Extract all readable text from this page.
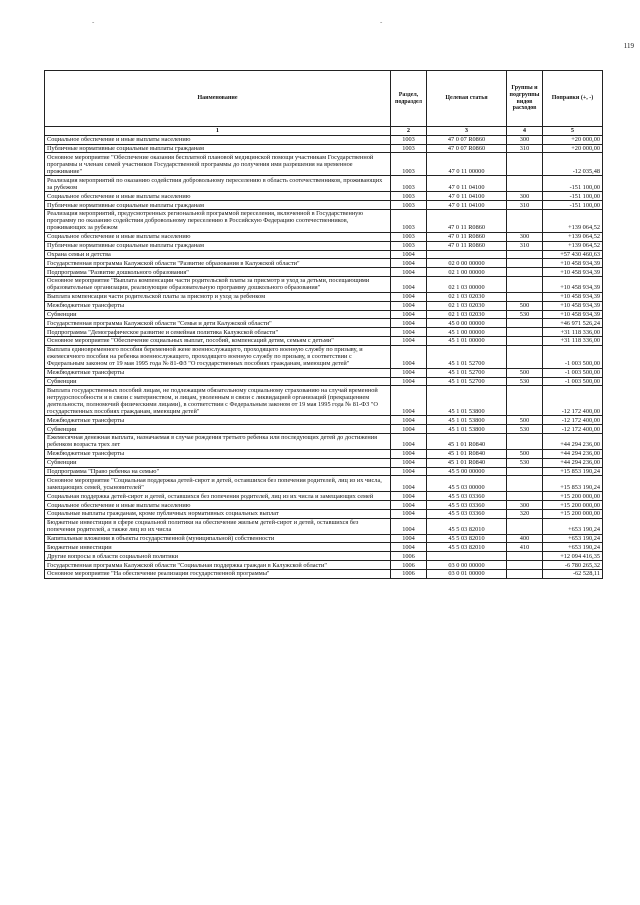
-	-
119
Наименование	Раздел, подраздел	Целевая статья	Группы и подгруппы видов расходов	Поправки (+, -)
1	2	3	4	5
Социальное обеспечение и иные выплаты населению	1003	47 0 07 R0860	300	+20 000,00
Публичные нормативные социальные выплаты гражданам	1003	47 0 07 R0860	310	+20 000,00
Основное мероприятие "Обеспечение оказания бесплатной плановой медицинской помощи участникам Государственной программы и членам семей участников Государственной программы до получения ими разрешения на временное проживание"	1003	47 0 11 00000		-12 035,48
Реализация мероприятий по оказанию содействия добровольному переселению в область соотечественников, проживающих за рубежом	1003	47 0 11 04100		-151 100,00
Социальное обеспечение и иные выплаты населению	1003	47 0 11 04100	300	-151 100,00
Публичные нормативные социальные выплаты гражданам	1003	47 0 11 04100	310	-151 100,00
Реализация мероприятий, предусмотренных региональной программой переселения, включенной в Государственную программу по оказанию содействия добровольному переселению в Российскую Федерацию соотечественников, проживающих за рубежом	1003	47 0 11 R0860		+139 064,52
Социальное обеспечение и иные выплаты населению	1003	47 0 11 R0860	300	+139 064,52
Публичные нормативные социальные выплаты гражданам	1003	47 0 11 R0860	310	+139 064,52
Охрана семьи и детства	1004			+57 430 460,63
Государственная программа Калужской области "Развитие образования в Калужской области"	1004	02 0 00 00000		+10 458 934,39
Подпрограмма "Развитие дошкольного образования"	1004	02 1 00 00000		+10 458 934,39
Основное мероприятие "Выплата компенсации части родительской платы за присмотр и уход за детьми, посещающими образовательные организации, реализующие образовательную программу дошкольного образования"	1004	02 1 03 00000		+10 458 934,39
Выплата компенсации части родительской платы за присмотр и уход за ребенком	1004	02 1 03 02030		+10 458 934,39
Межбюджетные трансферты	1004	02 1 03 02030	500	+10 458 934,39
Субвенции	1004	02 1 03 02030	530	+10 458 934,39
Государственная программа Калужской области "Семья и дети Калужской области"	1004	45 0 00 00000		+46 971 526,24
Подпрограмма "Демографическое развитие и семейная политика Калужской области"	1004	45 1 00 00000		+31 118 336,00
Основное мероприятие "Обеспечение социальных выплат, пособий, компенсаций детям, семьям с детьми"	1004	45 1 01 00000		+31 118 336,00
Выплата единовременного пособия беременной жене военнослужащего, проходящего военную службу по призыву, и ежемесячного пособия на ребенка военнослужащего, проходящего военную службу по призыву, в соответствии с Федеральным законом от 19 мая 1995 года № 81-ФЗ "О государственных пособиях гражданам, имеющим детей"	1004	45 1 01 52700		-1 003 500,00
Межбюджетные трансферты	1004	45 1 01 52700	500	-1 003 500,00
Субвенции	1004	45 1 01 52700	530	-1 003 500,00
Выплата государственных пособий лицам, не подлежащим обязательному социальному страхованию на случай временной нетрудоспособности и в связи с материнством, и лицам, уволенным в связи с ликвидацией организаций (прекращением деятельности, полномочий физическими лицами), в соответствии с Федеральным законом от 19 мая 1995 года № 81-ФЗ "О государственных пособиях гражданам, имеющим детей"	1004	45 1 01 53800		-12 172 400,00
Межбюджетные трансферты	1004	45 1 01 53800	500	-12 172 400,00
Субвенции	1004	45 1 01 53800	530	-12 172 400,00
Ежемесячная денежная выплата, назначаемая в случае рождения третьего ребенка или последующих детей до достижения ребенком возраста трех лет	1004	45 1 01 R0840		+44 294 236,00
Межбюджетные трансферты	1004	45 1 01 R0840	500	+44 294 236,00
Субвенции	1004	45 1 01 R0840	530	+44 294 236,00
Подпрограмма "Право ребенка на семью"	1004	45 5 00 00000		+15 853 190,24
Основное мероприятие "Социальная поддержка детей-сирот и детей, оставшихся без попечения родителей, лиц из их числа, замещающих семей, усыновителей"	1004	45 5 03 00000		+15 853 190,24
Социальная поддержка детей-сирот и детей, оставшихся без попечения родителей, лиц из их числа и замещающих семей	1004	45 5 03 03360		+15 200 000,00
Социальное обеспечение и иные выплаты населению	1004	45 5 03 03360	300	+15 200 000,00
Социальные выплаты гражданам, кроме публичных нормативных социальных выплат	1004	45 5 03 03360	320	+15 200 000,00
Бюджетные инвестиции в сфере социальной политики на обеспечение жильем детей-сирот и детей, оставшихся без попечения родителей, а также лиц из их числа	1004	45 5 03 82010		+653 190,24
Капитальные вложения в объекты государственной (муниципальной) собственности	1004	45 5 03 82010	400	+653 190,24
Бюджетные инвестиции	1004	45 5 03 82010	410	+653 190,24
Другие вопросы в области социальной политики	1006			+12 094 416,35
Государственная программа Калужской области "Социальная поддержка граждан в Калужской области"	1006	03 0 00 00000		-6 780 265,32
Основное мероприятие "На обеспечение реализации государственной программы"	1006	03 0 01 00000		-62 528,11
